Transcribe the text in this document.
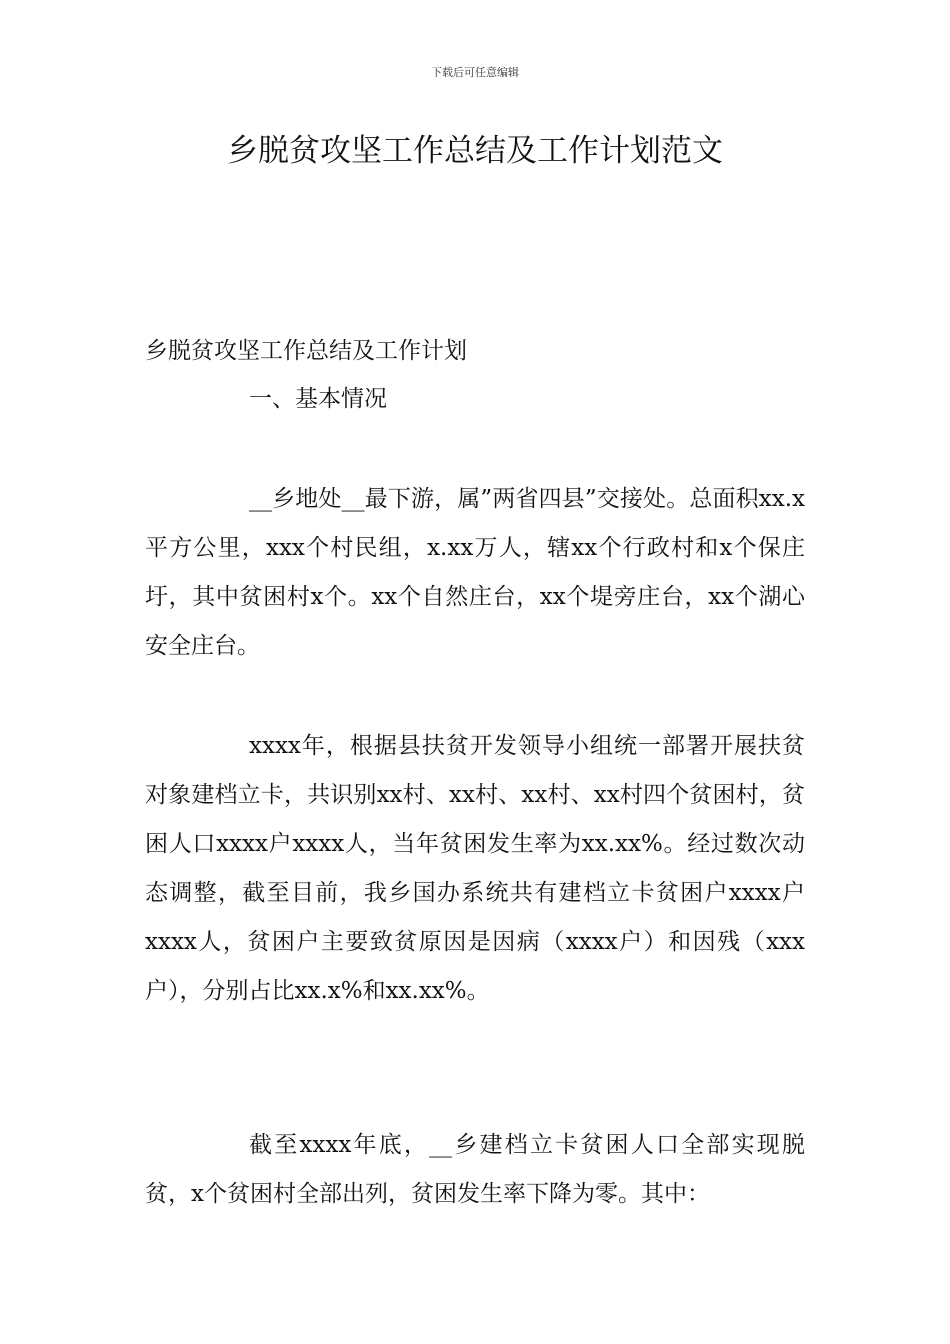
下载后可任意编辑
乡脱贫攻坚工作总结及工作计划范文
乡脱贫攻坚工作总结及工作计划
一、基本情况

__乡地处__最下游，属”两省四县”交接处。总面积xx.x平方公里，xxx个村民组，x.xx万人，辖xx个行政村和x个保庄圩，其中贫困村x个。xx个自然庄台，xx个堤旁庄台，xx个湖心安全庄台。

xxxx年，根据县扶贫开发领导小组统一部署开展扶贫对象建档立卡，共识别xx村、xx村、xx村、xx村四个贫困村，贫困人口xxxx户xxxx人，当年贫困发生率为xx.xx%。经过数次动态调整，截至目前，我乡国办系统共有建档立卡贫困户xxxx户xxxx人，贫困户主要致贫原因是因病（xxxx户）和因残（xxx户），分别占比xx.x%和xx.xx%。

截至xxxx年底，__乡建档立卡贫困人口全部实现脱贫，x个贫困村全部出列，贫困发生率下降为零。其中：
